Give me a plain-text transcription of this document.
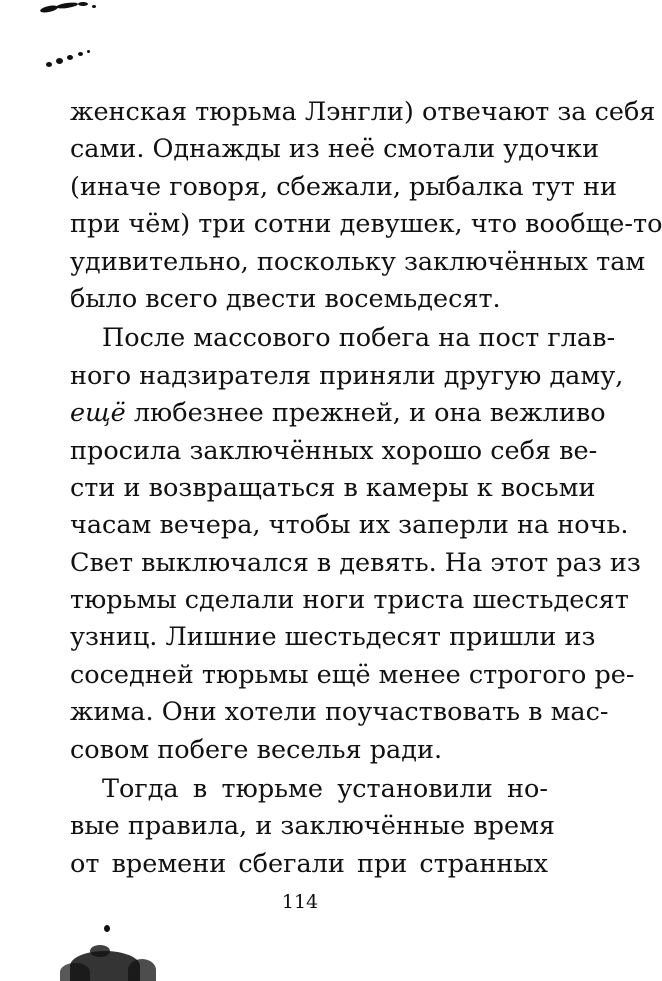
женская тюрьма Лэнгли) отвечают за себя
сами. Однажды из неё смотали удочки
(иначе говоря, сбежали, рыбалка тут ни
при чём) три сотни девушек, что вообще-то
удивительно, поскольку заключённых там
было всего двести восемьдесят.
После массового побега на пост глав-
ного надзирателя приняли другую даму,
ещё любезнее прежней, и она вежливо
просила заключённых хорошо себя ве-
сти и возвращаться в камеры к восьми
часам вечера, чтобы их заперли на ночь.
Свет выключался в девять. На этот раз из
тюрьмы сделали ноги триста шестьдесят
узниц. Лишние шестьдесят пришли из
соседней тюрьмы ещё менее строгого ре-
жима. Они хотели поучаствовать в мас-
совом побеге веселья ради.
Тогда в тюрьме установили но-
вые правила, и заключённые время
от времени сбегали при странных
114
